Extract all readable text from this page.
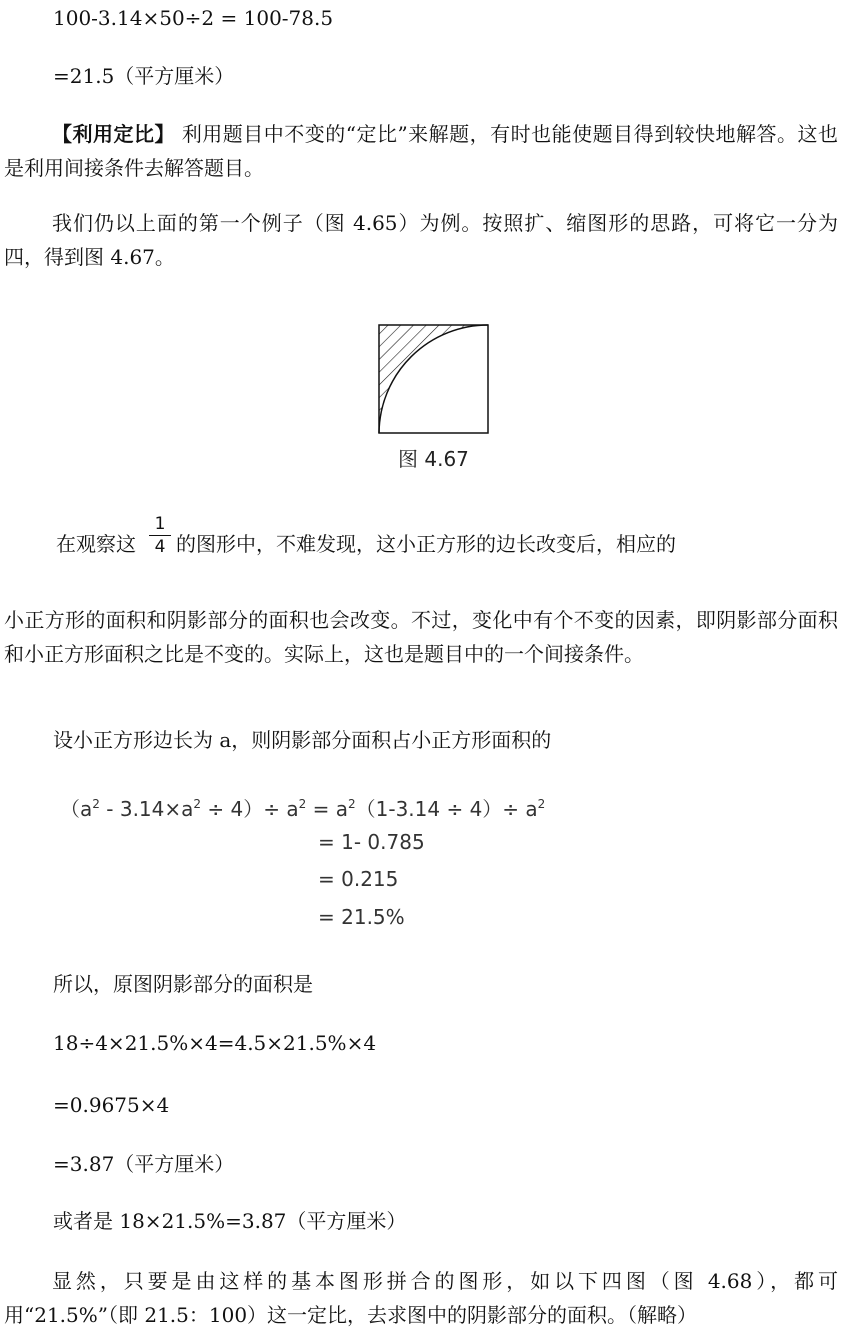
100-3.14×50÷2 = 100-78.5
=21.5（平方厘米）
【利用定比】 利用题目中不变的“定比”来解题，有时也能使题目得到较快地解答。这也是利用间接条件去解答题目。
我们仍以上面的第一个例子（图 4.65）为例。按照扩、缩图形的思路，可将它一分为四，得到图 4.67。
图 4.67
在观察这
1
4 的图形中，不难发现，这小正方形的边长改变后，相应的
小正方形的面积和阴影部分的面积也会改变。不过，变化中有个不变的因素，即阴影部分面积和小正方形面积之比是不变的。实际上，这也是题目中的一个间接条件。
设小正方形边长为 a，则阴影部分面积占小正方形面积的
$(a^2 - 3.14\times a^2 \div 4)\div a^2 = a^2(1-3.14 \div 4)\div a^2$
= 1- 0.785
= 0.215
= 21.5%
所以，原图阴影部分的面积是
18÷4×21.5%×4=4.5×21.5%×4
=0.9675×4
=3.87（平方厘米）
或者是 18×21.5%=3.87（平方厘米）
显然，只要是由这样的基本图形拼合的图形，如以下四图（图 4.68），都可用“21.5%”（即 21.5：100）这一定比，去求图中的阴影部分的面积。（解略）
